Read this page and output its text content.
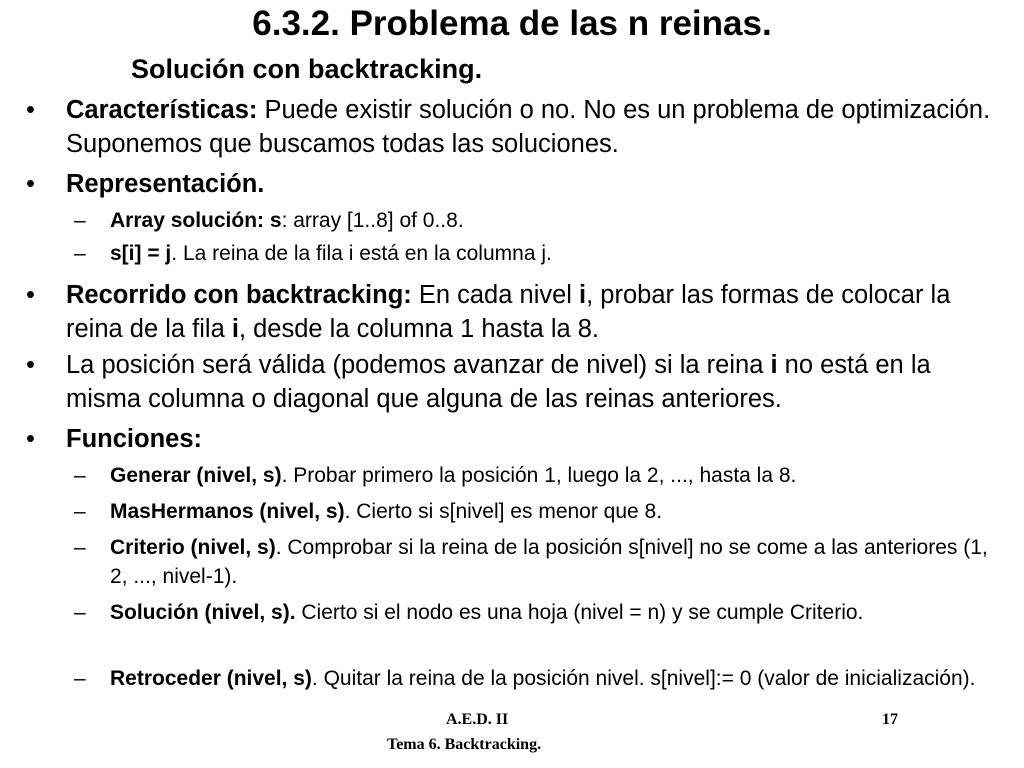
6.3.2. Problema de las n reinas.
Solución con backtracking.
• Características: Puede existir solución o no. No es un problema de optimización. Suponemos que buscamos todas las soluciones.
• Representación.
– Array solución: s: array [1..8] of 0..8.
– s[i] = j. La reina de la fila i está en la columna j.
• Recorrido con backtracking: En cada nivel i, probar las formas de colocar la reina de la fila i, desde la columna 1 hasta la 8.
• La posición será válida (podemos avanzar de nivel) si la reina i no está en la misma columna o diagonal que alguna de las reinas anteriores.
• Funciones:
– Generar (nivel, s). Probar primero la posición 1, luego la 2, ..., hasta la 8.
– MasHermanos (nivel, s). Cierto si s[nivel] es menor que 8.
– Criterio (nivel, s). Comprobar si la reina de la posición s[nivel] no se come a las anteriores (1, 2, ..., nivel-1).
– Solución (nivel, s). Cierto si el nodo es una hoja (nivel = n) y se cumple Criterio.
– Retroceder (nivel, s). Quitar la reina de la posición nivel. s[nivel]:= 0 (valor de inicialización).
A.E.D. II
Tema 6. Backtracking.
17
